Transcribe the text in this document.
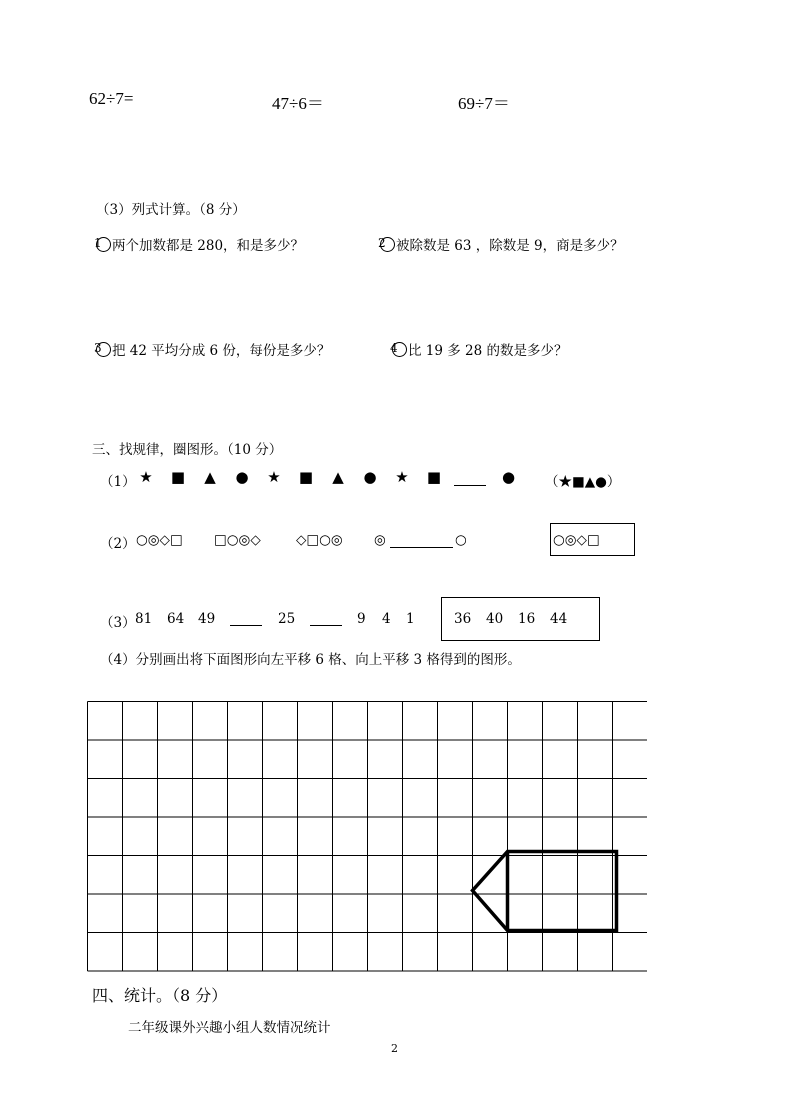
62÷7=	47÷6＝	69÷7＝
（3）列式计算。（8 分）
1 两个加数都是 280，和是多少？	2 被除数是 63 ，除数是 9，商是多少？
3 把 42 平均分成 6 份，每份是多少？	4 比 19 多 28 的数是多少？
三、找规律，圈图形。（10 分）
（1） ★ ■ ▲ ● ★ ■ ▲ ● ★ ■	● （★■▲●）
（2） ○◎◇□ □○◎◇	◇□○◎ ◎	○	○◎◇□
（3） 81 64 49	25	9 4 1	36 40 16 44
（4）分别画出将下面图形向左平移 6 格、向上平移 3 格得到的图形。
四、统计。（8 分）
二年级课外兴趣小组人数情况统计
2
